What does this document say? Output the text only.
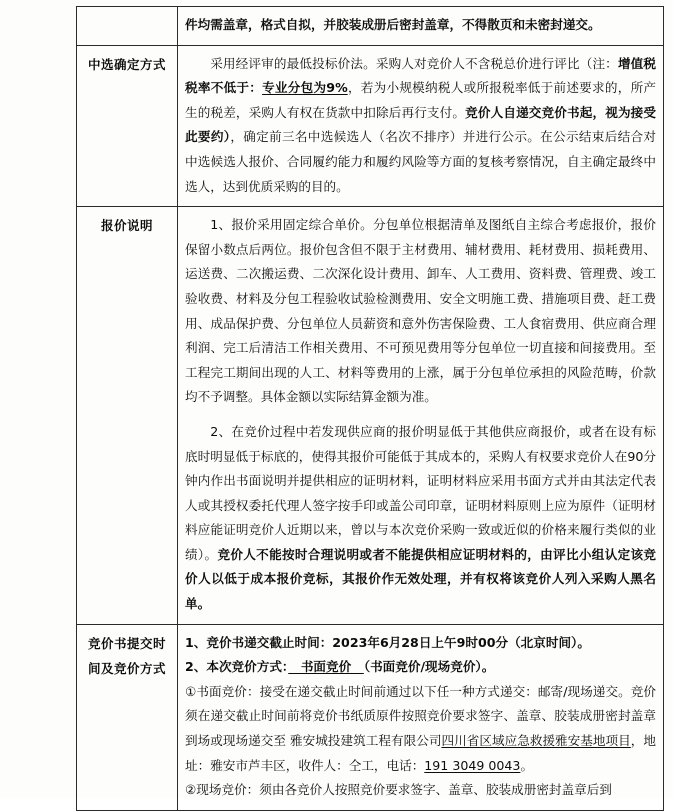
	件均需盖章，格式自拟，并胶装成册后密封盖章，不得散页和未密封递交。

中选确定方式	采用经评审的最低投标价法。采购人对竞价人不含税总价进行评比（注：增值税税率不低于：专业分包为9%，若为小规模纳税人或所报税率低于前述要求的，所产生的税差，采购人有权在货款中扣除后再行支付。竞价人自递交竞价书起，视为接受此要约），确定前三名中选候选人（名次不排序）并进行公示。在公示结束后结合对中选候选人报价、合同履约能力和履约风险等方面的复核考察情况，自主确定最终中选人，达到优质采购的目的。

报价说明	1、报价采用固定综合单价。分包单位根据清单及图纸自主综合考虑报价，报价保留小数点后两位。报价包含但不限于主材费用、辅材费用、耗材费用、损耗费用、运送费、二次搬运费、二次深化设计费用、卸车、人工费用、资料费、管理费、竣工验收费、材料及分包工程验收试验检测费用、安全文明施工费、措施项目费、赶工费用、成品保护费、分包单位人员薪资和意外伤害保险费、工人食宿费用、供应商合理利润、完工后清洁工作相关费用、不可预见费用等分包单位一切直接和间接费用。至工程完工期间出现的人工、材料等费用的上涨，属于分包单位承担的风险范畴，价款均不予调整。具体金额以实际结算金额为准。

2、在竞价过程中若发现供应商的报价明显低于其他供应商报价，或者在设有标底时明显低于标底的，使得其报价可能低于其成本的，采购人有权要求竞价人在90分钟内作出书面说明并提供相应的证明材料，证明材料应采用书面方式并由其法定代表人或其授权委托代理人签字按手印或盖公司印章，证明材料原则上应为原件（证明材料应能证明竞价人近期以来，曾以与本次竞价采购一致或近似的价格来履行类似的业绩）。竞价人不能按时合理说明或者不能提供相应证明材料的，由评比小组认定该竞价人以低于成本报价竞标，其报价作无效处理，并有权将该竞价人列入采购人黑名单。

竞价书提交时间及竞价方式	1、竞价书递交截止时间：2023年6月28日上午9时00分（北京时间）。

2、本次竞价方式：　书面竞价　（书面竞价/现场竞价）。

①书面竞价：接受在递交截止时间前通过以下任一种方式递交：邮寄/现场递交。竞价须在递交截止时间前将竞价书纸质原件按照竞价要求签字、盖章、胶装成册密封盖章到场或现场递交至 雅安城投建筑工程有限公司四川省区域应急救援雅安基地项目，地址：雅安市芦丰区，收件人：仝工，电话：191 3049 0043。

②现场竞价：须由各竞价人按照竞价要求签字、盖章、胶装成册密封盖章后到
